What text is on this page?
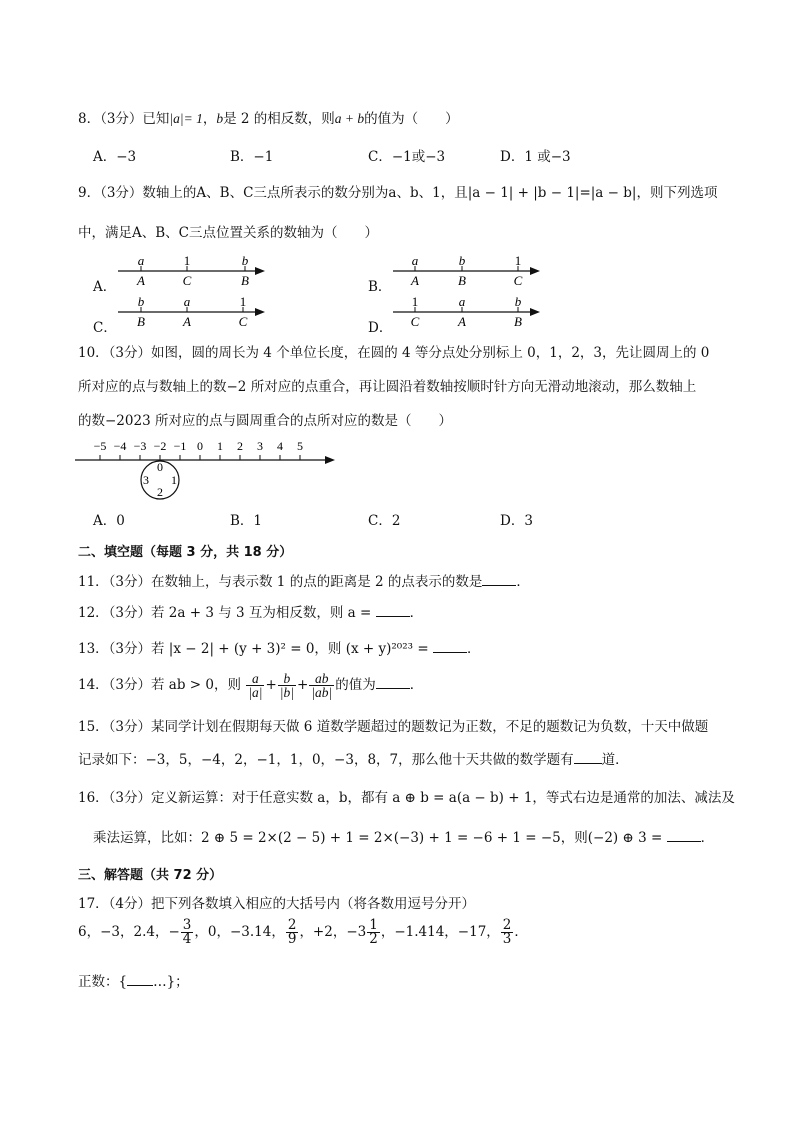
8．（3分）已知|a|= 1，b是 2 的相反数，则a + b的值为（　　）
A．−3	B．−1	C．−1或−3	D．1 或−3
9．（3分）数轴上的A、B、C三点所表示的数分别为a、b、1，且|a − 1| + |b − 1|=|a − b|，则下列选项
中，满足A、B、C三点位置关系的数轴为（　　）
A．
a	1	b
A	C	B	B．
a	b	1
A	B	C
C．
b	a	1
B	A	C	D．
1	a	b
C	A	B
10．（3分）如图，圆的周长为 4 个单位长度，在圆的 4 等分点处分别标上 0，1，2，3，先让圆周上的 0
所对应的点与数轴上的数−2 所对应的点重合，再让圆沿着数轴按顺时针方向无滑动地滚动，那么数轴上
的数−2023 所对应的点与圆周重合的点所对应的数是（　　）
−5 −4 −3 −2 −1 0 1 2 3 4 5
0
1
2
3
A．0	B．1	C．2	D．3
二、填空题（每题 3 分，共 18 分）
11．（3分）在数轴上，与表示数 1 的点的距离是 2 的点表示的数是	．
12．（3分）若 2a + 3 与 3 互为相反数，则 a =	．
13．（3分）若 |x − 2| + (y + 3)² = 0，则 (x + y)²⁰²³ =	．
14．（3分）若 ab > 0，则 $\frac{a}{|a|} + \frac{b}{|b|} + \frac{ab}{|ab|}$ 的值为	．
15．（3分）某同学计划在假期每天做 6 道数学题超过的题数记为正数，不足的题数记为负数，十天中做题
记录如下：−3，5，−4，2，−1，1，0，−3，8，7，那么他十天共做的数学题有 道．
16．（3分）定义新运算：对于任意实数 a，b，都有 a ⊕ b = a(a − b) + 1，等式右边是通常的加法、减法及
乘法运算，比如：2 ⊕ 5 = 2×(2 − 5) + 1 = 2×(−3) + 1 = −6 + 1 = −5，则(−2) ⊕ 3 =	．
三、解答题（共 72 分）
17．（4分）把下列各数填入相应的大括号内（将各数用逗号分开）
6，−3，2.4，− $\frac{3}{4}$ ，0，−3.14， $\frac{2}{9}$ ，+2，$-3 \frac{1}{2}$ ，−1.414，−17， $\frac{2}{3}$ ．
正数：{ …}；
